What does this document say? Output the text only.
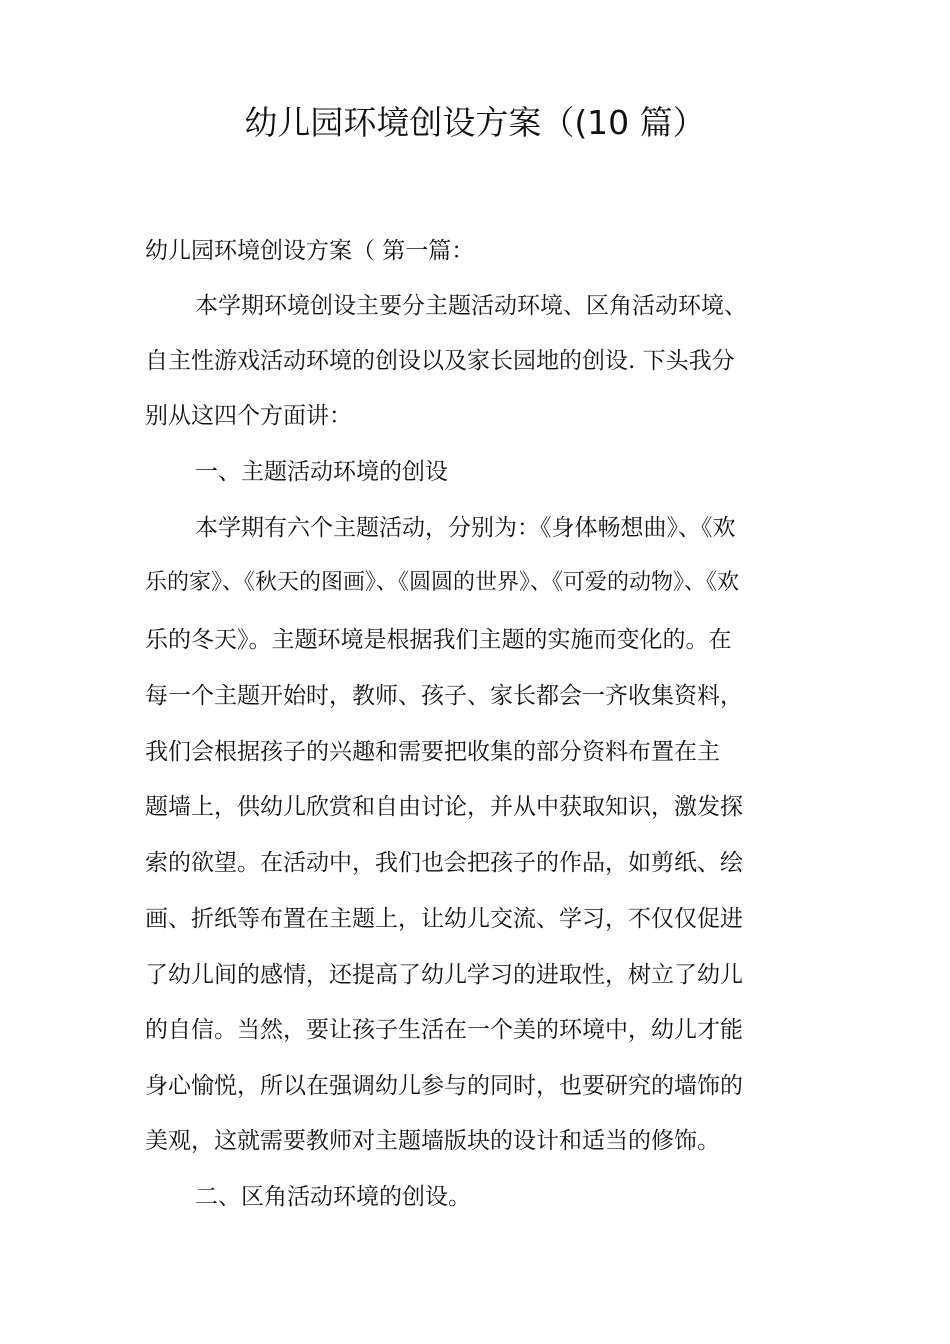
幼儿园环境创设方案（(10 篇）

幼儿园环境创设方案（ 第一篇：

本学期环境创设主要分主题活动环境、区角活动环境、

自主性游戏活动环境的创设以及家长园地的创设. 下头我分

别从这四个方面讲：

一、主题活动环境的创设

本学期有六个主题活动，分别为：《身体畅想曲》、《欢

乐的家》、《秋天的图画》、《圆圆的世界》、《可爱的动物》、《欢

乐的冬天》。主题环境是根据我们主题的实施而变化的。在

每一个主题开始时，教师、孩子、家长都会一齐收集资料，

我们会根据孩子的兴趣和需要把收集的部分资料布置在主

题墙上，供幼儿欣赏和自由讨论，并从中获取知识，激发探

索的欲望。在活动中，我们也会把孩子的作品，如剪纸、绘

画、折纸等布置在主题上，让幼儿交流、学习，不仅仅促进

了幼儿间的感情，还提高了幼儿学习的进取性，树立了幼儿

的自信。当然，要让孩子生活在一个美的环境中，幼儿才能

身心愉悦，所以在强调幼儿参与的同时，也要研究的墙饰的

美观，这就需要教师对主题墙版块的设计和适当的修饰。

二、区角活动环境的创设。
